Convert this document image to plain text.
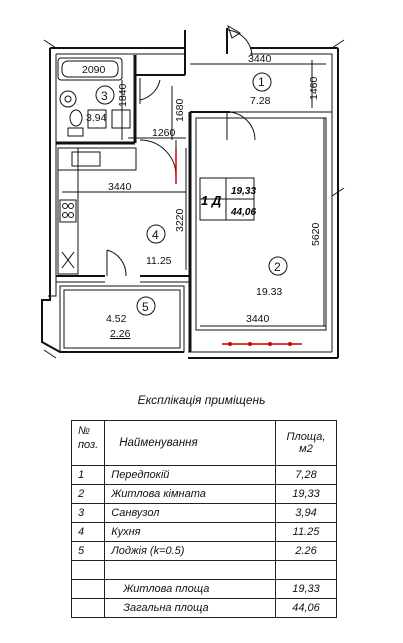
2090
3440
1460
1840
1680
1260
3440
3220
5620
3440
1
7.28
2
19.33
3
3.94
4
11.25
5
4.52
2.26
1 Д
19,33
44,06
Експлікація приміщень
№
поз.	Найменування	Площа,
м2
1	Передпокій	7,28
2	Житлова кімната	19,33
3	Санвузол	3,94
4	Кухня	11.25
5	Лоджія (k=0.5)	2.26

	Житлова площа	19,33
	Загальна площа	44,06
